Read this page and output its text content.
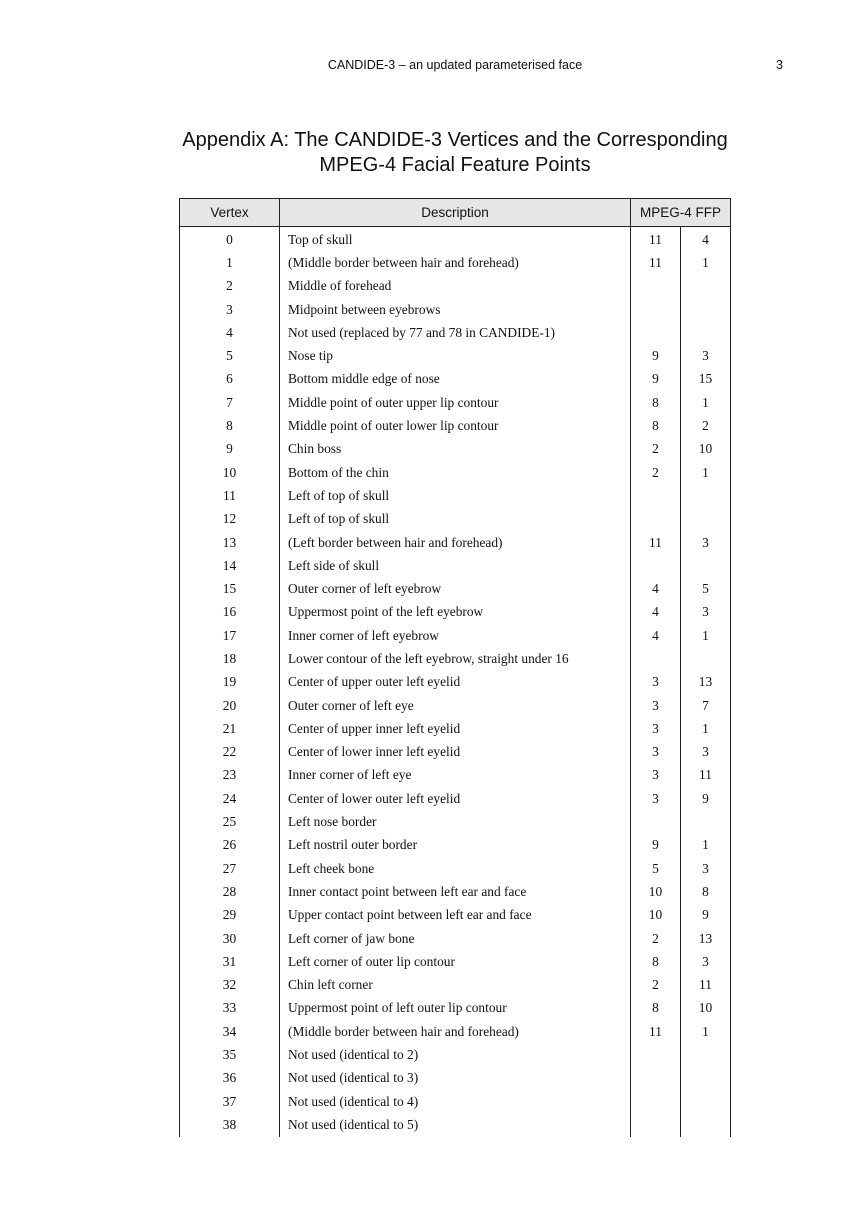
CANDIDE-3 – an updated parameterised face	3
Appendix A: The CANDIDE-3 Vertices and the Corresponding
MPEG-4 Facial Feature Points
Vertex	Description	MPEG-4 FFP	
0	Top of skull	11	4
1	(Middle border between hair and forehead)	11	1
2	Middle of forehead		
3	Midpoint between eyebrows		
4	Not used (replaced by 77 and 78 in CANDIDE-1)		
5	Nose tip	9	3
6	Bottom middle edge of nose	9	15
7	Middle point of outer upper lip contour	8	1
8	Middle point of outer lower lip contour	8	2
9	Chin boss	2	10
10	Bottom of the chin	2	1
11	Left of top of skull		
12	Left of top of skull		
13	(Left border between hair and forehead)	11	3
14	Left side of skull		
15	Outer corner of left eyebrow	4	5
16	Uppermost point of the left eyebrow	4	3
17	Inner corner of left eyebrow	4	1
18	Lower contour of the left eyebrow, straight under 16		
19	Center of upper outer left eyelid	3	13
20	Outer corner of left eye	3	7
21	Center of upper inner left eyelid	3	1
22	Center of lower inner left eyelid	3	3
23	Inner corner of left eye	3	11
24	Center of lower outer left eyelid	3	9
25	Left nose border		
26	Left nostril outer border	9	1
27	Left cheek bone	5	3
28	Inner contact point between left ear and face	10	8
29	Upper contact point between left ear and face	10	9
30	Left corner of jaw bone	2	13
31	Left corner of outer lip contour	8	3
32	Chin left corner	2	11
33	Uppermost point of left outer lip contour	8	10
34	(Middle border between hair and forehead)	11	1
35	Not used (identical to 2)		
36	Not used (identical to 3)		
37	Not used (identical to 4)		
38	Not used (identical to 5)		
